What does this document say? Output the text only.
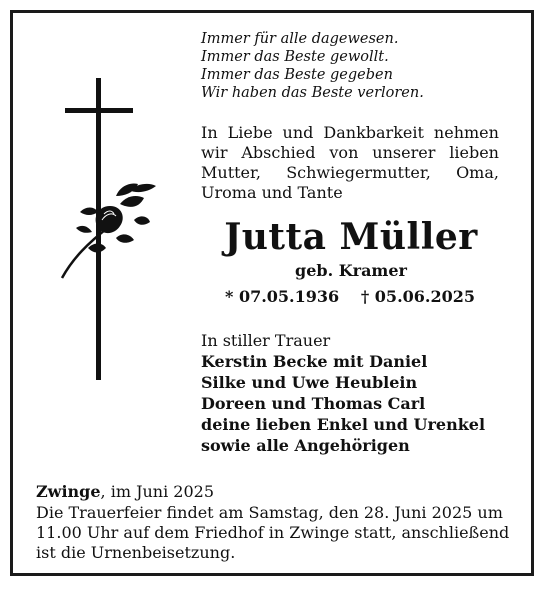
Immer für alle dagewesen.
Immer das Beste gewollt.
Immer das Beste gegeben
Wir haben das Beste verloren.
In Liebe und Dankbarkeit nehmen
wir Abschied von unserer lieben
Mutter, Schwiegermutter, Oma,
Uroma und Tante
Jutta Müller
geb. Kramer
* 07.05.1936 † 05.06.2025
In stiller Trauer
Kerstin Becke mit Daniel
Silke und Uwe Heublein
Doreen und Thomas Carl
deine lieben Enkel und Urenkel
sowie alle Angehörigen
Zwinge, im Juni 2025
Die Trauerfeier findet am Samstag, den 28. Juni 2025 um
11.00 Uhr auf dem Friedhof in Zwinge statt, anschließend
ist die Urnenbeisetzung.
